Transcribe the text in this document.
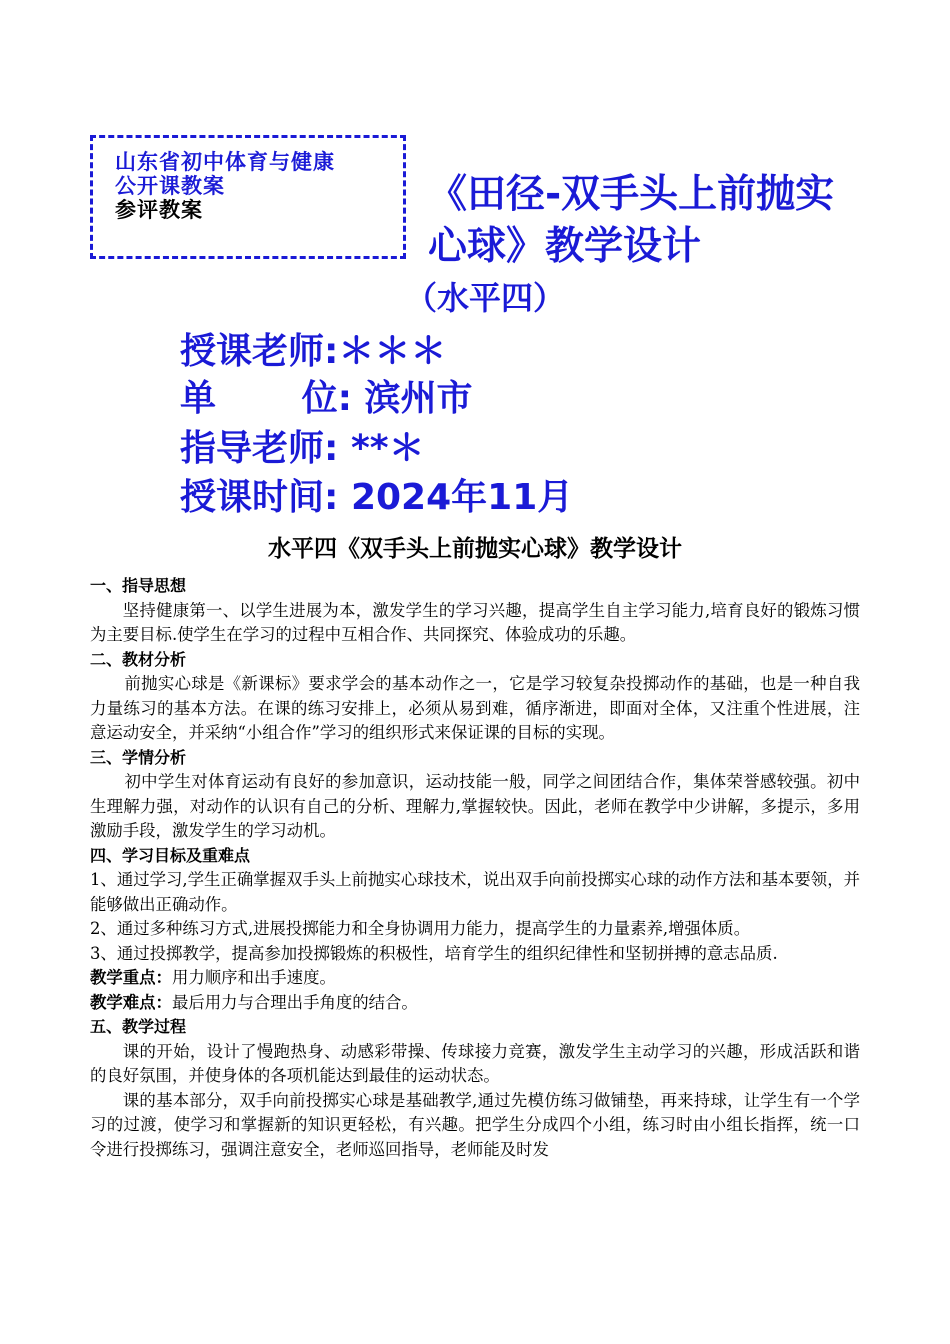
山东省初中体育与健康
公开课教案
参评教案	《田径-双手头上前抛实
心球》教学设计
（水平四）
授课老师:＊＊＊
单 位: 滨州市
指导老师: **＊
授课时间: 2024年11月
水平四《双手头上前抛实心球》教学设计
一、指导思想
坚持健康第一、以学生进展为本，激发学生的学习兴趣，提高学生自主学习能力,培育良好的锻炼习惯为主要目标.使学生在学习的过程中互相合作、共同探究、体验成功的乐趣。
二、教材分析
前抛实心球是《新课标》要求学会的基本动作之一，它是学习较复杂投掷动作的基础，也是一种自我力量练习的基本方法。在课的练习安排上，必须从易到难，循序渐进，即面对全体，又注重个性进展，注意运动安全，并采纳“小组合作”学习的组织形式来保证课的目标的实现。
三、学情分析
初中学生对体育运动有良好的参加意识，运动技能一般，同学之间团结合作，集体荣誉感较强。初中生理解力强，对动作的认识有自己的分析、理解力,掌握较快。因此，老师在教学中少讲解，多提示，多用激励手段，激发学生的学习动机。
四、学习目标及重难点
1、通过学习,学生正确掌握双手头上前抛实心球技术，说出双手向前投掷实心球的动作方法和基本要领，并能够做出正确动作。
2、通过多种练习方式,进展投掷能力和全身协调用力能力，提高学生的力量素养,增强体质。
3、通过投掷教学，提高参加投掷锻炼的积极性，培育学生的组织纪律性和坚韧拼搏的意志品质.
教学重点：用力顺序和出手速度。
教学难点：最后用力与合理出手角度的结合。
五、教学过程
课的开始，设计了慢跑热身、动感彩带操、传球接力竞赛，激发学生主动学习的兴趣，形成活跃和谐的良好氛围，并使身体的各项机能达到最佳的运动状态。
课的基本部分，双手向前投掷实心球是基础教学,通过先模仿练习做铺垫，再来持球，让学生有一个学习的过渡，使学习和掌握新的知识更轻松，有兴趣。把学生分成四个小组，练习时由小组长指挥，统一口令进行投掷练习，强调注意安全，老师巡回指导，老师能及时发
